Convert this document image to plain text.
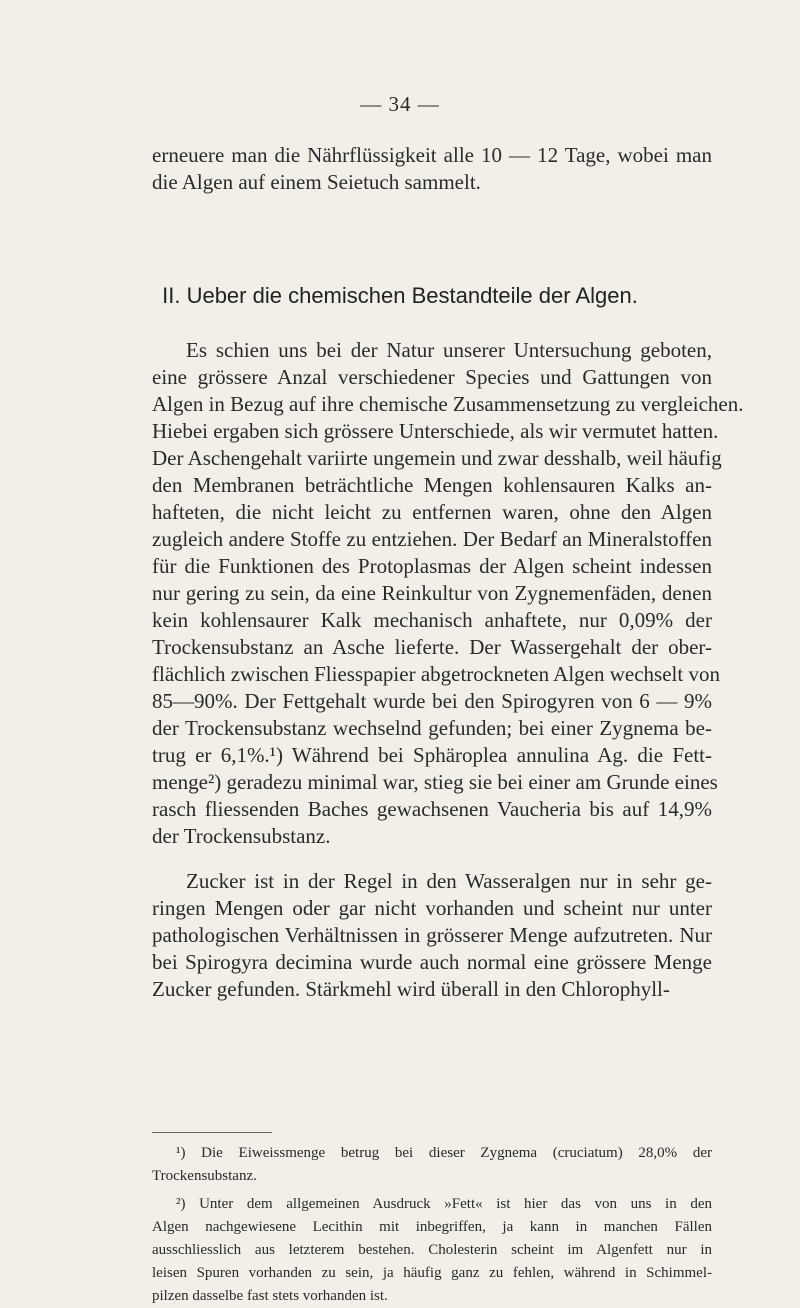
— 34 —
erneuere man die Nährflüssigkeit alle 10 — 12 Tage, wobei man
die Algen auf einem Seietuch sammelt.
II. Ueber die chemischen Bestandteile der Algen.
Es schien uns bei der Natur unserer Untersuchung geboten,
eine grössere Anzal verschiedener Species und Gattungen von
Algen in Bezug auf ihre chemische Zusammensetzung zu vergleichen.
Hiebei ergaben sich grössere Unterschiede, als wir vermutet hatten.
Der Aschengehalt variirte ungemein und zwar desshalb, weil häufig
den Membranen beträchtliche Mengen kohlensauren Kalks an-
hafteten, die nicht leicht zu entfernen waren, ohne den Algen
zugleich andere Stoffe zu entziehen. Der Bedarf an Mineralstoffen
für die Funktionen des Protoplasmas der Algen scheint indessen
nur gering zu sein, da eine Reinkultur von Zygnemenfäden, denen
kein kohlensaurer Kalk mechanisch anhaftete, nur 0,09% der
Trockensubstanz an Asche lieferte. Der Wassergehalt der ober-
flächlich zwischen Fliesspapier abgetrockneten Algen wechselt von
85—90%. Der Fettgehalt wurde bei den Spirogyren von 6 — 9%
der Trockensubstanz wechselnd gefunden; bei einer Zygnema be-
trug er 6,1%.¹) Während bei Sphäroplea annulina Ag. die Fett-
menge²) geradezu minimal war, stieg sie bei einer am Grunde eines
rasch fliessenden Baches gewachsenen Vaucheria bis auf 14,9%
der Trockensubstanz.
Zucker ist in der Regel in den Wasseralgen nur in sehr ge-
ringen Mengen oder gar nicht vorhanden und scheint nur unter
pathologischen Verhältnissen in grösserer Menge aufzutreten. Nur
bei Spirogyra decimina wurde auch normal eine grössere Menge
Zucker gefunden. Stärkmehl wird überall in den Chlorophyll-
¹) Die Eiweissmenge betrug bei dieser Zygnema (cruciatum) 28,0% der
Trockensubstanz.
²) Unter dem allgemeinen Ausdruck »Fett« ist hier das von uns in den
Algen nachgewiesene Lecithin mit inbegriffen, ja kann in manchen Fällen
ausschliesslich aus letzterem bestehen. Cholesterin scheint im Algenfett nur in
leisen Spuren vorhanden zu sein, ja häufig ganz zu fehlen, während in Schimmel-
pilzen dasselbe fast stets vorhanden ist.
